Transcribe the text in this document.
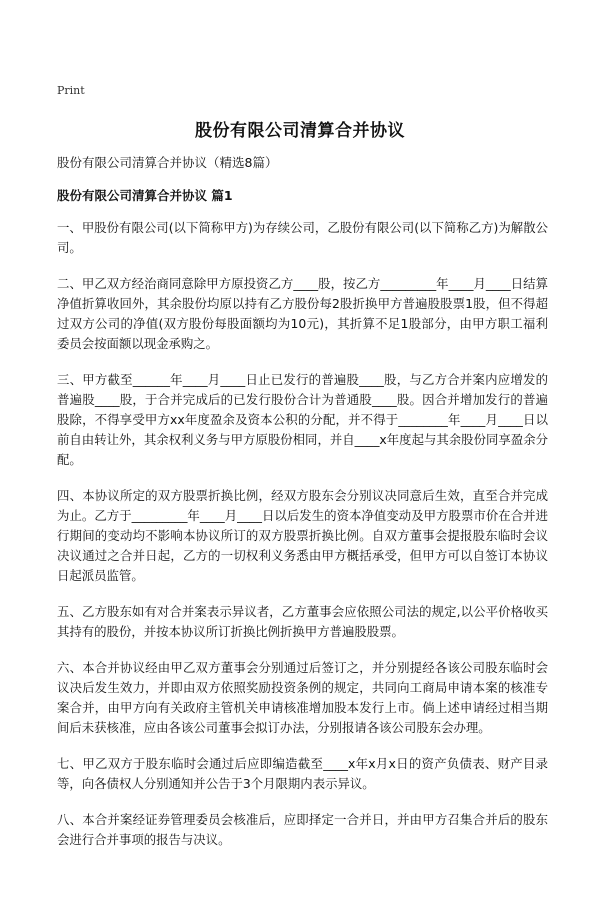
Print
股份有限公司清算合并协议
股份有限公司清算合并协议（精选8篇）
股份有限公司清算合并协议 篇1

一、甲股份有限公司(以下简称甲方)为存续公司，乙股份有限公司(以下简称乙方)为解散公司。

二、甲乙双方经治商同意除甲方原投资乙方____股，按乙方_________年____月____日结算净值折算收回外，其余股份均原以持有乙方股份每2股折换甲方普遍股股票1股，但不得超过双方公司的净值(双方股份每股面额均为10元)，其折算不足1股部分，由甲方职工福利委员会按面额以现金承购之。

三、甲方截至______年____月____日止已发行的普遍股____股，与乙方合并案内应增发的普遍股____股，于合并完成后的已发行股份合计为普通股____股。因合并增加发行的普遍股除，不得享受甲方xx年度盈余及资本公积的分配，并不得于________年____月____日以前自由转让外，其余权利义务与甲方原股份相同，并自____x年度起与其余股份同享盈余分配。

四、本协议所定的双方股票折换比例，经双方股东会分别议决同意后生效，直至合并完成为止。乙方于_________年____月____日以后发生的资本净值变动及甲方股票市价在合并进行期间的变动均不影响本协议所订的双方股票折换比例。自双方董事会提报股东临时会议决议通过之合并日起，乙方的一切权利义务悉由甲方概括承受，但甲方可以自签订本协议日起派员监管。

五、乙方股东如有对合并案表示异议者，乙方董事会应依照公司法的规定,以公平价格收买其持有的股份，并按本协议所订折换比例折换甲方普遍股股票。

六、本合并协议经由甲乙双方董事会分别通过后签订之，并分别提经各该公司股东临时会议决后发生效力，并即由双方依照奖励投资条例的规定，共同向工商局申请本案的核准专案合并，由甲方向有关政府主管机关申请核准增加股本发行上市。倘上述申请经过相当期间后未获核准，应由各该公司董事会拟订办法，分别报请各该公司股东会办理。

七、甲乙双方于股东临时会通过后应即编造截至____x年x月x日的资产负债表、财产目录等，向各债权人分别通知并公告于3个月限期内表示异议。

八、本合并案经证券管理委员会核准后，应即择定一合并日，并由甲方召集合并后的股东会进行合并事项的报告与决议。
